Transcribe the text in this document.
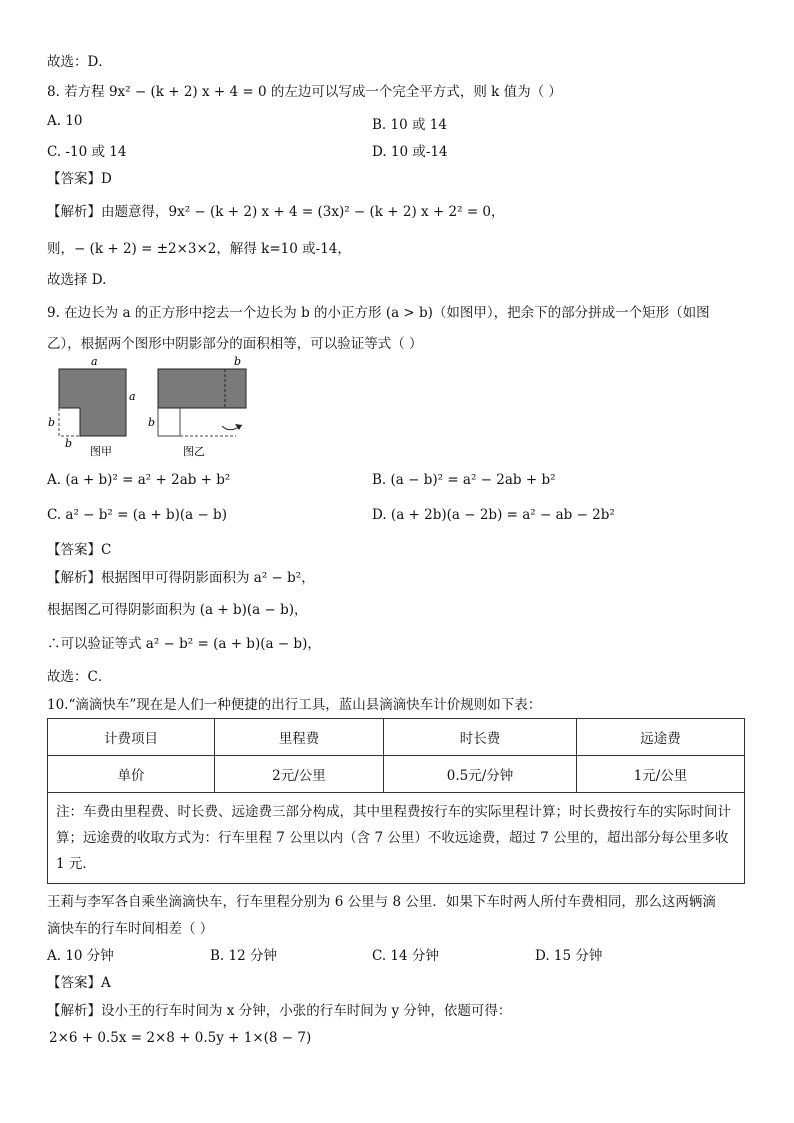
故选：D．
8. 若方程 9x² − (k + 2) x + 4 = 0 的左边可以写成一个完全平方式，则 k 值为（ ）
A. 10	B. 10 或 14
C. -10 或 14	D. 10 或-14
【答案】D
【解析】由题意得，9x² − (k + 2) x + 4 = (3x)² − (k + 2) x + 2² = 0，
则，− (k + 2) = ±2×3×2，解得 k=10 或-14，
故选择 D.
9. 在边长为 a 的正方形中挖去一个边长为 b 的小正方形 (a > b)（如图甲），把余下的部分拼成一个矩形（如图
乙），根据两个图形中阴影部分的面积相等，可以验证等式（ ）
a
a
b
b
图甲
b
b
图乙
A. (a + b)² = a² + 2ab + b²	B. (a − b)² = a² − 2ab + b²
C. a² − b² = (a + b)(a − b)	D. (a + 2b)(a − 2b) = a² − ab − 2b²
【答案】C
【解析】根据图甲可得阴影面积为 a² − b²，
根据图乙可得阴影面积为 (a + b)(a − b)，
∴可以验证等式 a² − b² = (a + b)(a − b)，
故选：C．
10.“滴滴快车”现在是人们一种便捷的出行工具，蓝山县滴滴快车计价规则如下表：
计费项目	里程费	时长费	远途费
单价	2元/公里	0.5元/分钟	1元/公里
注：车费由里程费、时长费、远途费三部分构成，其中里程费按行车的实际里程计算；时长费按行车的实际时间计算；远途费的收取方式为：行车里程 7 公里以内（含 7 公里）不收远途费，超过 7 公里的，超出部分每公里多收 1 元．			
王莉与李军各自乘坐滴滴快车，行车里程分别为 6 公里与 8 公里．如果下车时两人所付车费相同，那么这两辆滴
滴快车的行车时间相差（ ）
A. 10 分钟	B. 12 分钟	C. 14 分钟	D. 15 分钟
【答案】A
【解析】设小王的行车时间为 x 分钟，小张的行车时间为 y 分钟，依题可得：
2×6 + 0.5x = 2×8 + 0.5y + 1×(8 − 7)
